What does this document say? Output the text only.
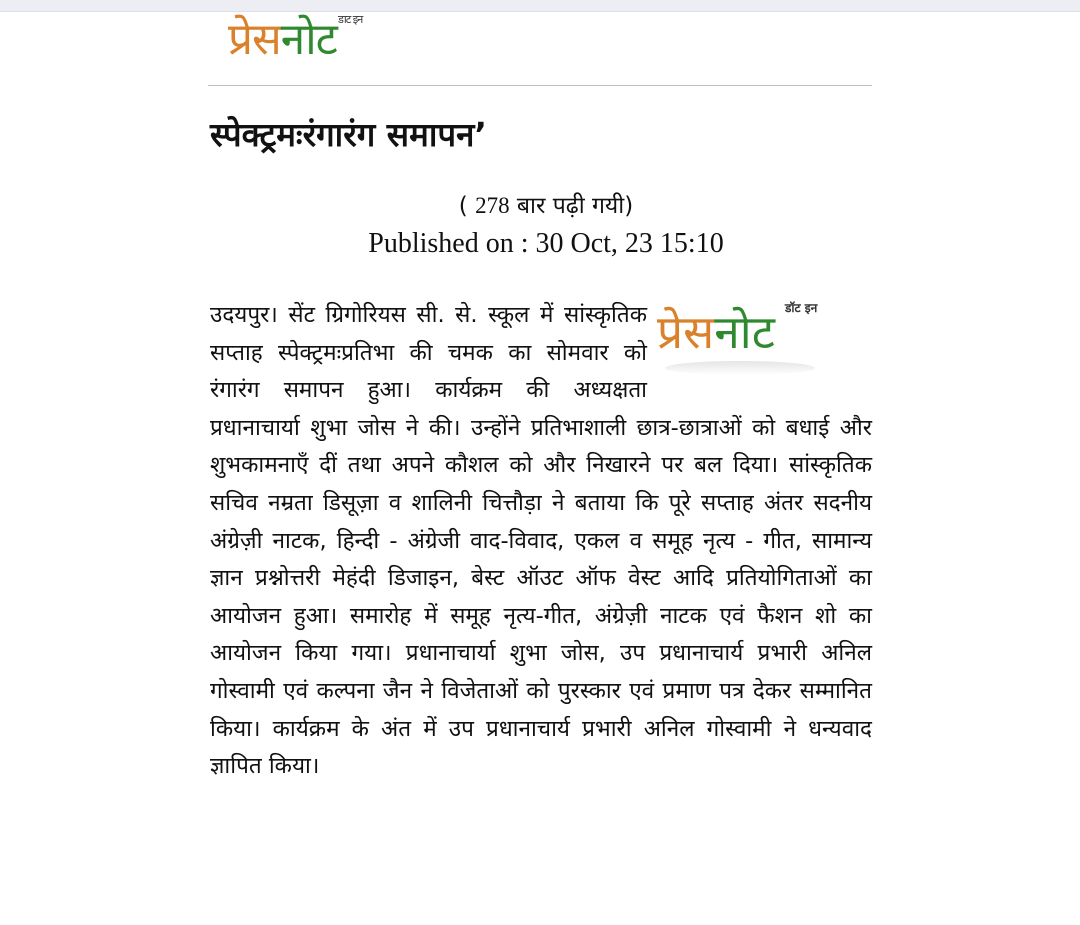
प्रेसनोट डाट इन
स्पेक्ट्रमःरंगारंग समापन’
( 278 बार पढ़ी गयी)
Published on : 30 Oct, 23 15:10
प्रेसनोट डॉट इन

उदयपुर। सेंट ग्रिगोरियस सी. से. स्कूल में सांस्कृतिक सप्ताह स्पेक्ट्रमःप्रतिभा की चमक का सोमवार को रंगारंग समापन हुआ। कार्यक्रम की अध्यक्षता प्रधानाचार्या शुभा जोस ने की। उन्होंने प्रतिभाशाली छात्र-छात्राओं को बधाई और शुभकामनाएँ दीं तथा अपने कौशल को और निखारने पर बल दिया। सांस्कृतिक सचिव नम्रता डिसूज़ा व शालिनी चित्तौड़ा ने बताया कि पूरे सप्ताह अंतर सदनीय अंग्रेज़ी नाटक, हिन्दी - अंग्रेजी वाद-विवाद, एकल व समूह नृत्य - गीत, सामान्य ज्ञान प्रश्नोत्तरी मेहंदी डिजाइन, बेस्ट ऑउट ऑफ वेस्ट आदि प्रतियोगिताओं का आयोजन हुआ। समारोह में समूह नृत्य-गीत, अंग्रेज़ी नाटक एवं फैशन शो का आयोजन किया गया। प्रधानाचार्या शुभा जोस, उप प्रधानाचार्य प्रभारी अनिल गोस्वामी एवं कल्पना जैन ने विजेताओं को पुरस्कार एवं प्रमाण पत्र देकर सम्मानित किया। कार्यक्रम के अंत में उप प्रधानाचार्य प्रभारी अनिल गोस्वामी ने धन्यवाद ज्ञापित किया।
